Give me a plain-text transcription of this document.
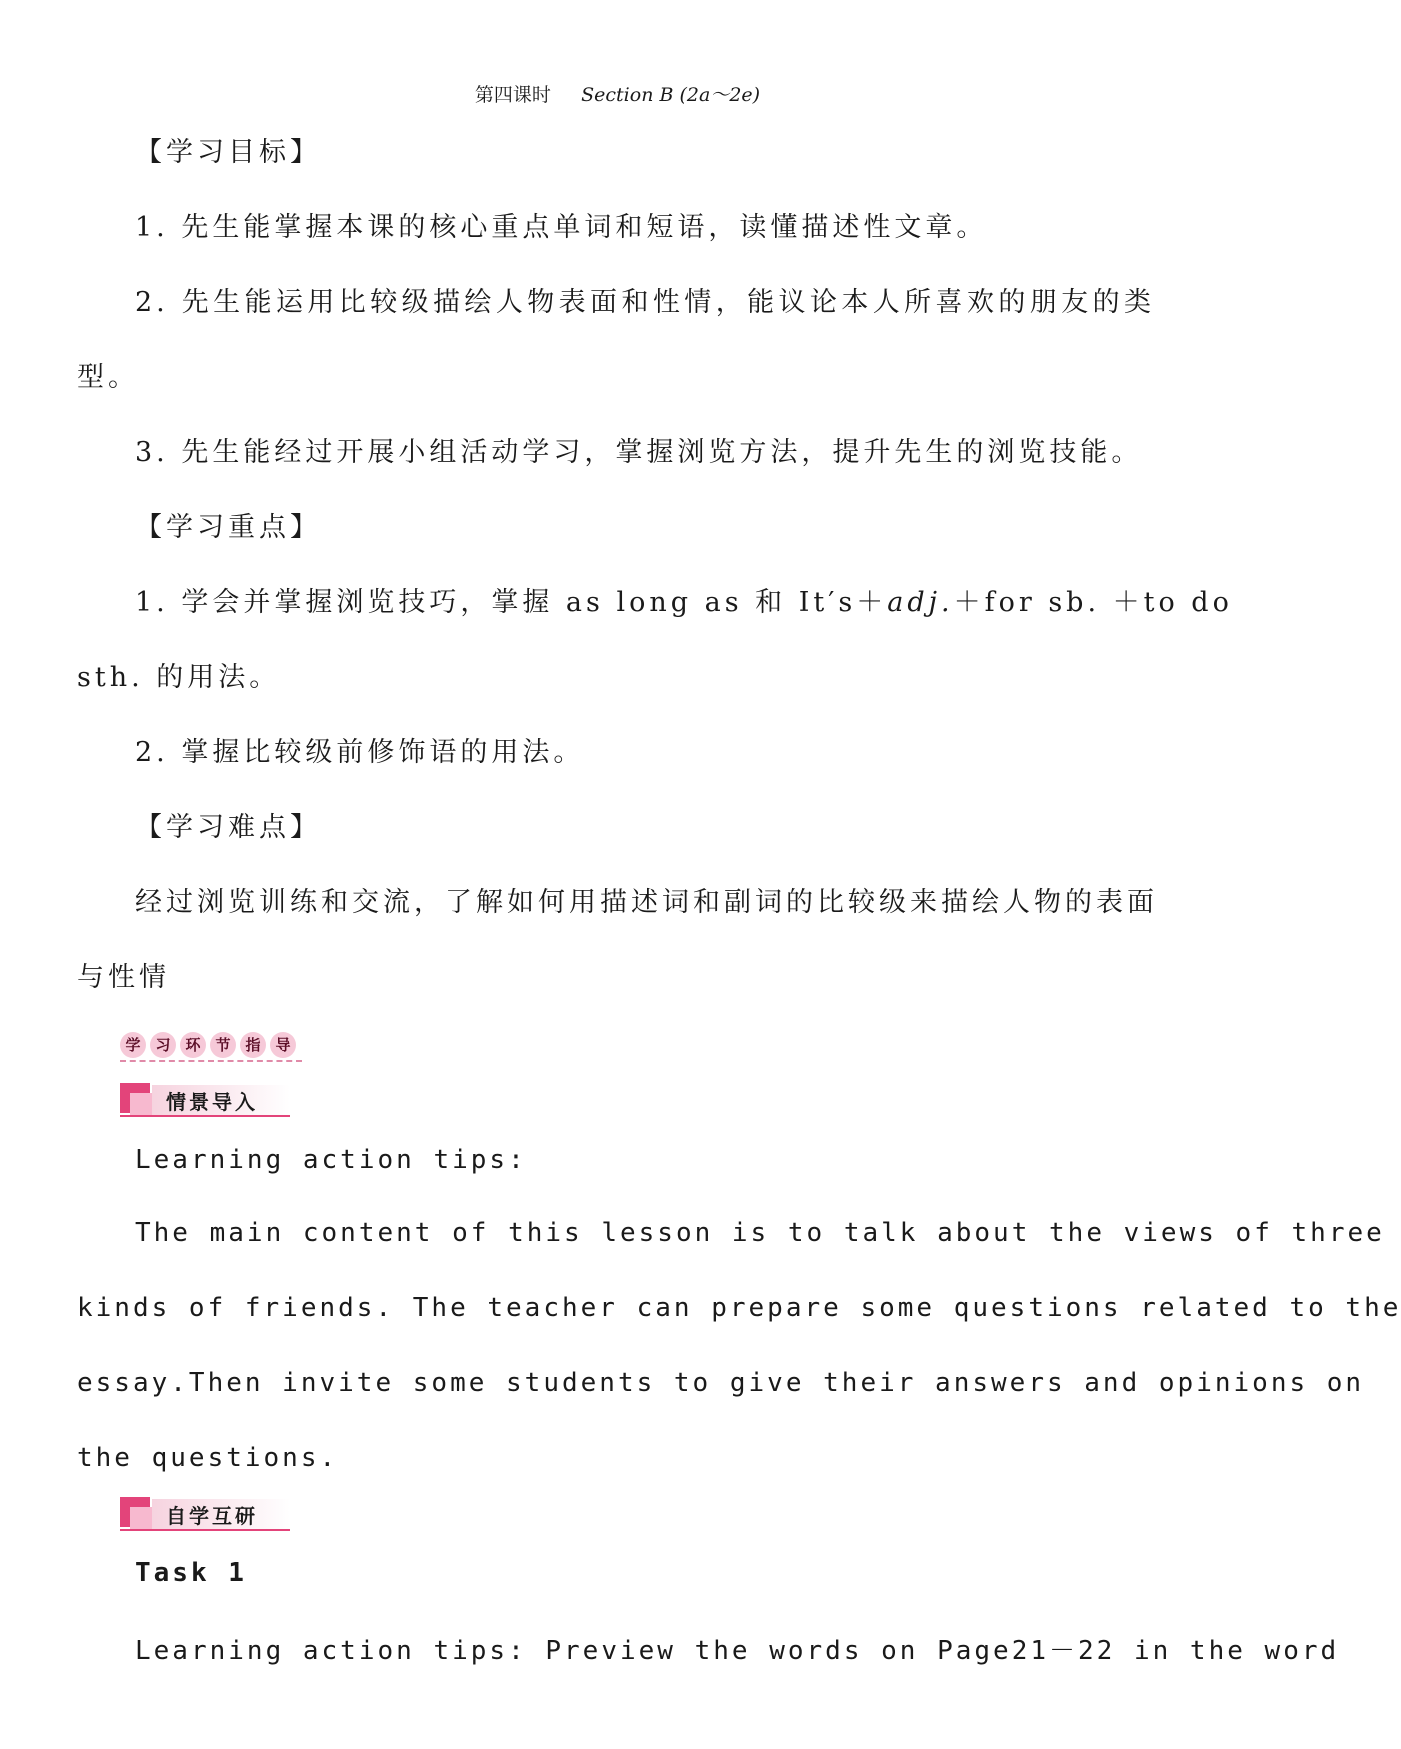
第四课时 Section B (2a～2e)
【学习目标】
1. 先生能掌握本课的核心重点单词和短语，读懂描述性文章。
2. 先生能运用比较级描绘人物表面和性情，能议论本人所喜欢的朋友的类
型。
3. 先生能经过开展小组活动学习，掌握浏览方法，提升先生的浏览技能。
【学习重点】
1. 学会并掌握浏览技巧，掌握 as long as 和 It′s＋adj.＋for sb. ＋to do
sth. 的用法。
2. 掌握比较级前修饰语的用法。
【学习难点】
经过浏览训练和交流，了解如何用描述词和副词的比较级来描绘人物的表面
与性情
学 习 环 节 指 导
情景导入
Learning action tips:
The main content of this lesson is to talk about the views of three
kinds of friends. The teacher can prepare some questions related to the
essay.Then invite some students to give their answers and opinions on
the questions.
自学互研
Task 1
Learning action tips: Preview the words on Page21－22 in the word
